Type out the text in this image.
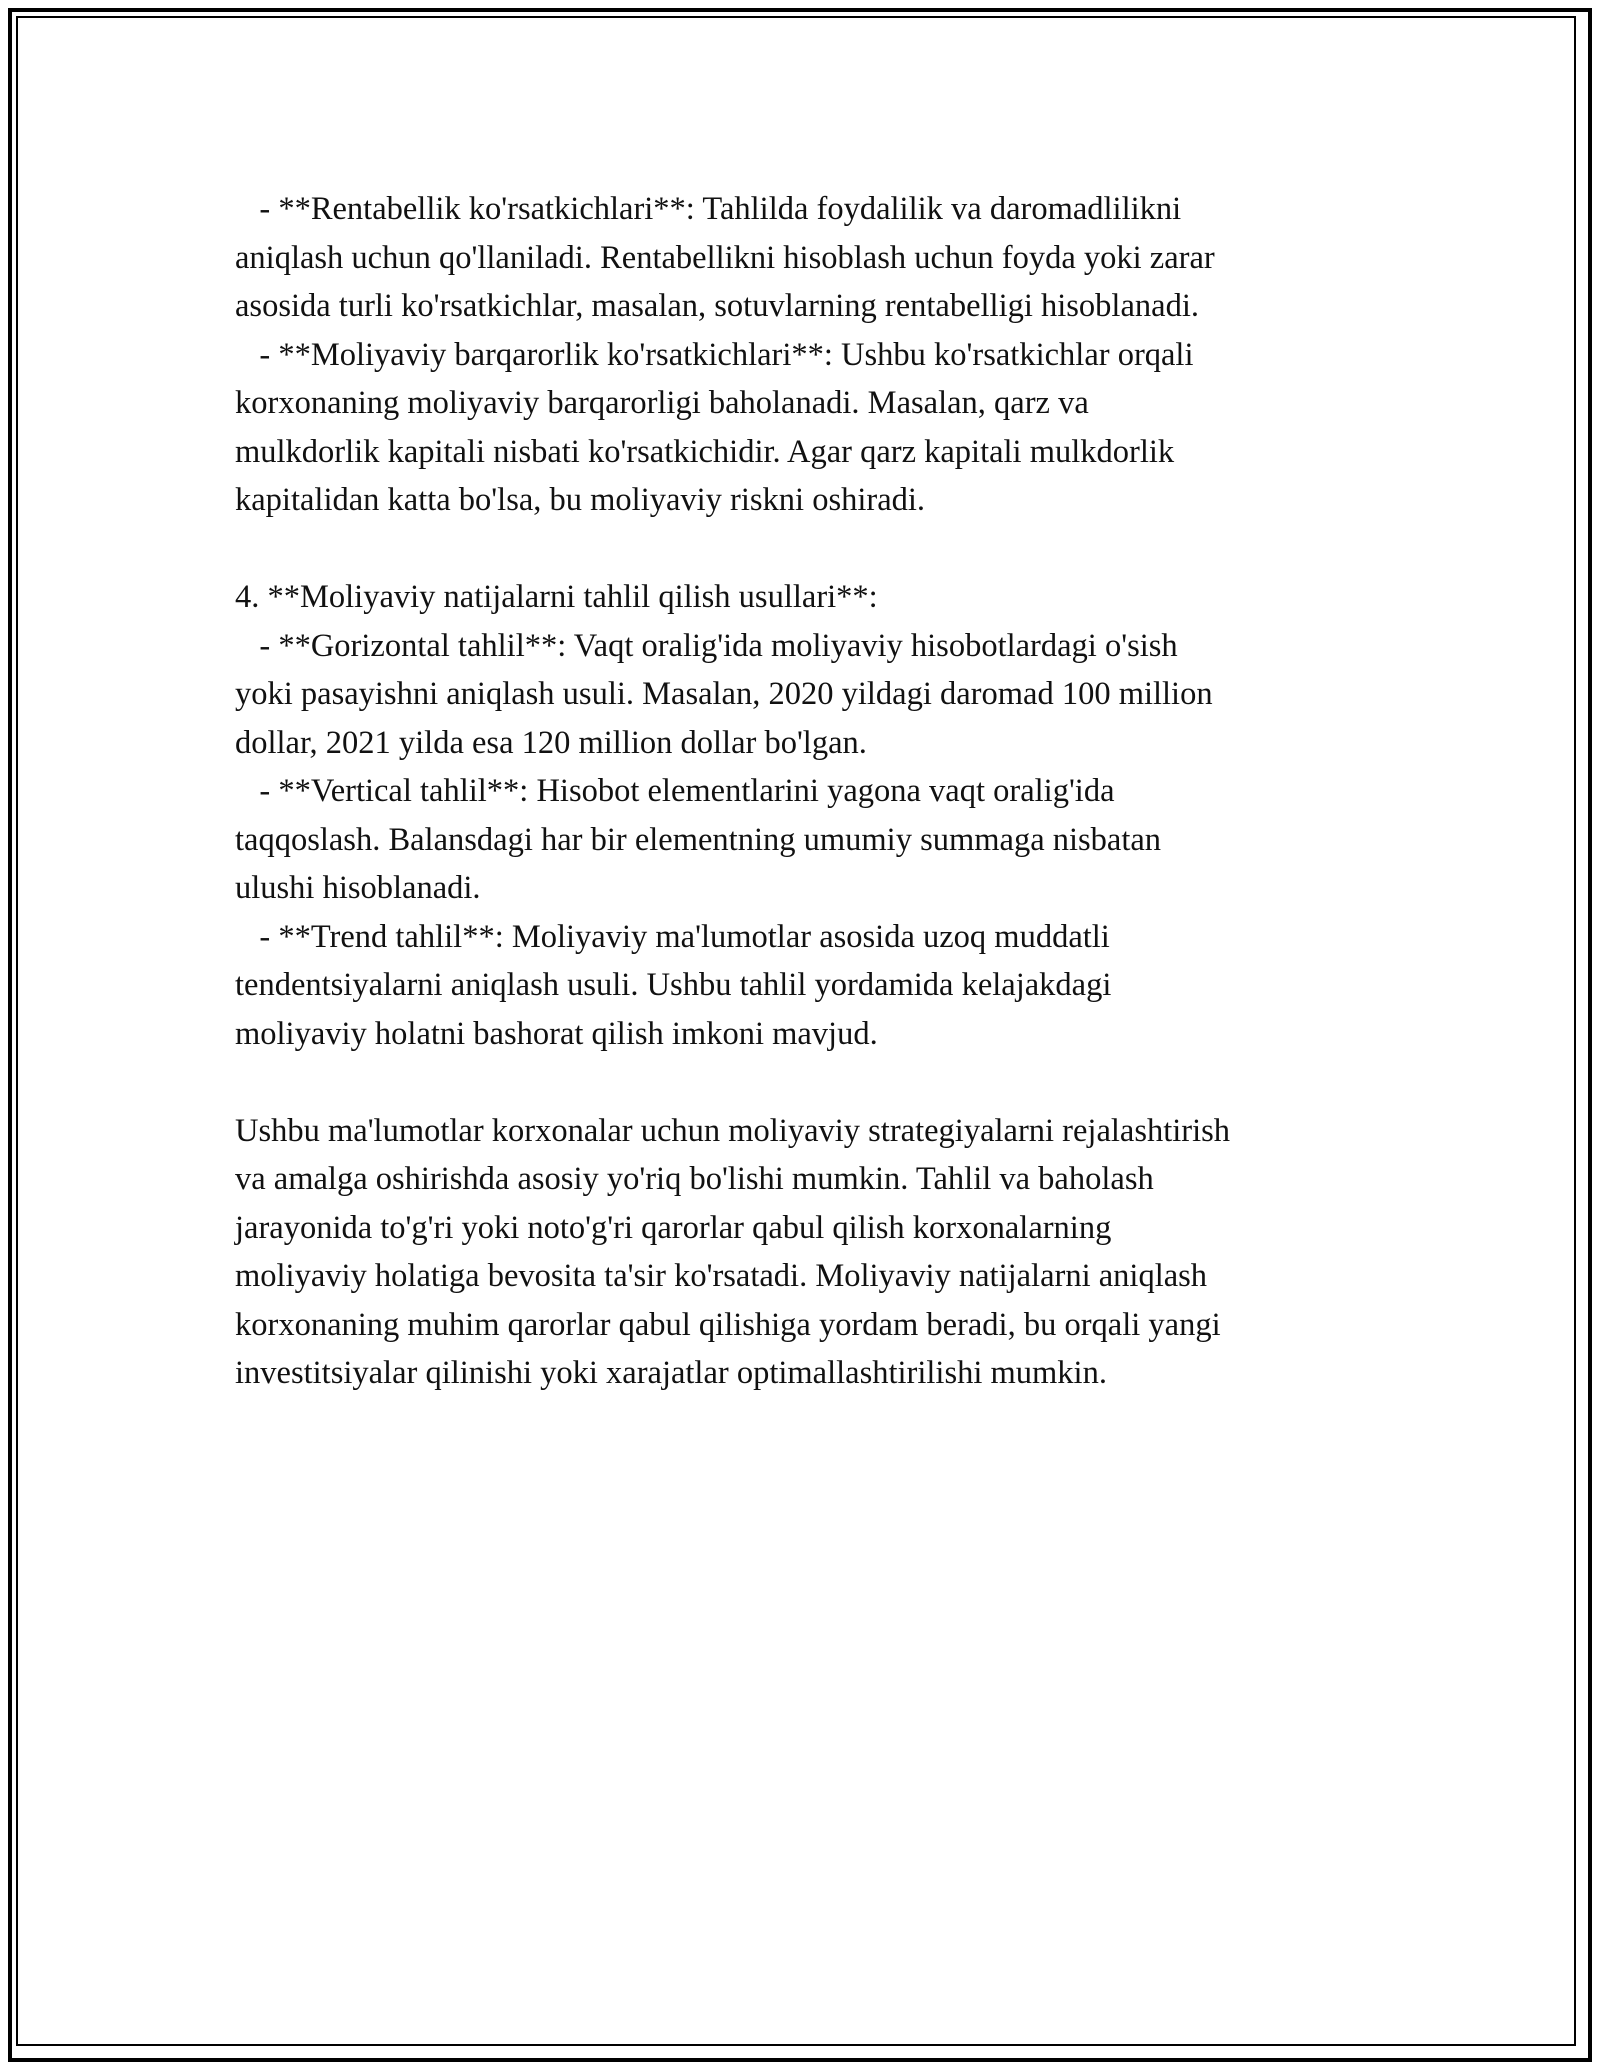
- **Rentabellik ko'rsatkichlari**: Tahlilda foydalilik va daromadlilikni
aniqlash uchun qo'llaniladi. Rentabellikni hisoblash uchun foyda yoki zarar
asosida turli ko'rsatkichlar, masalan, sotuvlarning rentabelligi hisoblanadi.
- **Moliyaviy barqarorlik ko'rsatkichlari**: Ushbu ko'rsatkichlar orqali
korxonaning moliyaviy barqarorligi baholanadi. Masalan, qarz va
mulkdorlik kapitali nisbati ko'rsatkichidir. Agar qarz kapitali mulkdorlik
kapitalidan katta bo'lsa, bu moliyaviy riskni oshiradi.
4. **Moliyaviy natijalarni tahlil qilish usullari**:
- **Gorizontal tahlil**: Vaqt oralig'ida moliyaviy hisobotlardagi o'sish
yoki pasayishni aniqlash usuli. Masalan, 2020 yildagi daromad 100 million
dollar, 2021 yilda esa 120 million dollar bo'lgan.
- **Vertical tahlil**: Hisobot elementlarini yagona vaqt oralig'ida
taqqoslash. Balansdagi har bir elementning umumiy summaga nisbatan
ulushi hisoblanadi.
- **Trend tahlil**: Moliyaviy ma'lumotlar asosida uzoq muddatli
tendentsiyalarni aniqlash usuli. Ushbu tahlil yordamida kelajakdagi
moliyaviy holatni bashorat qilish imkoni mavjud.
Ushbu ma'lumotlar korxonalar uchun moliyaviy strategiyalarni rejalashtirish
va amalga oshirishda asosiy yo'riq bo'lishi mumkin. Tahlil va baholash
jarayonida to'g'ri yoki noto'g'ri qarorlar qabul qilish korxonalarning
moliyaviy holatiga bevosita ta'sir ko'rsatadi. Moliyaviy natijalarni aniqlash
korxonaning muhim qarorlar qabul qilishiga yordam beradi, bu orqali yangi
investitsiyalar qilinishi yoki xarajatlar optimallashtirilishi mumkin.
